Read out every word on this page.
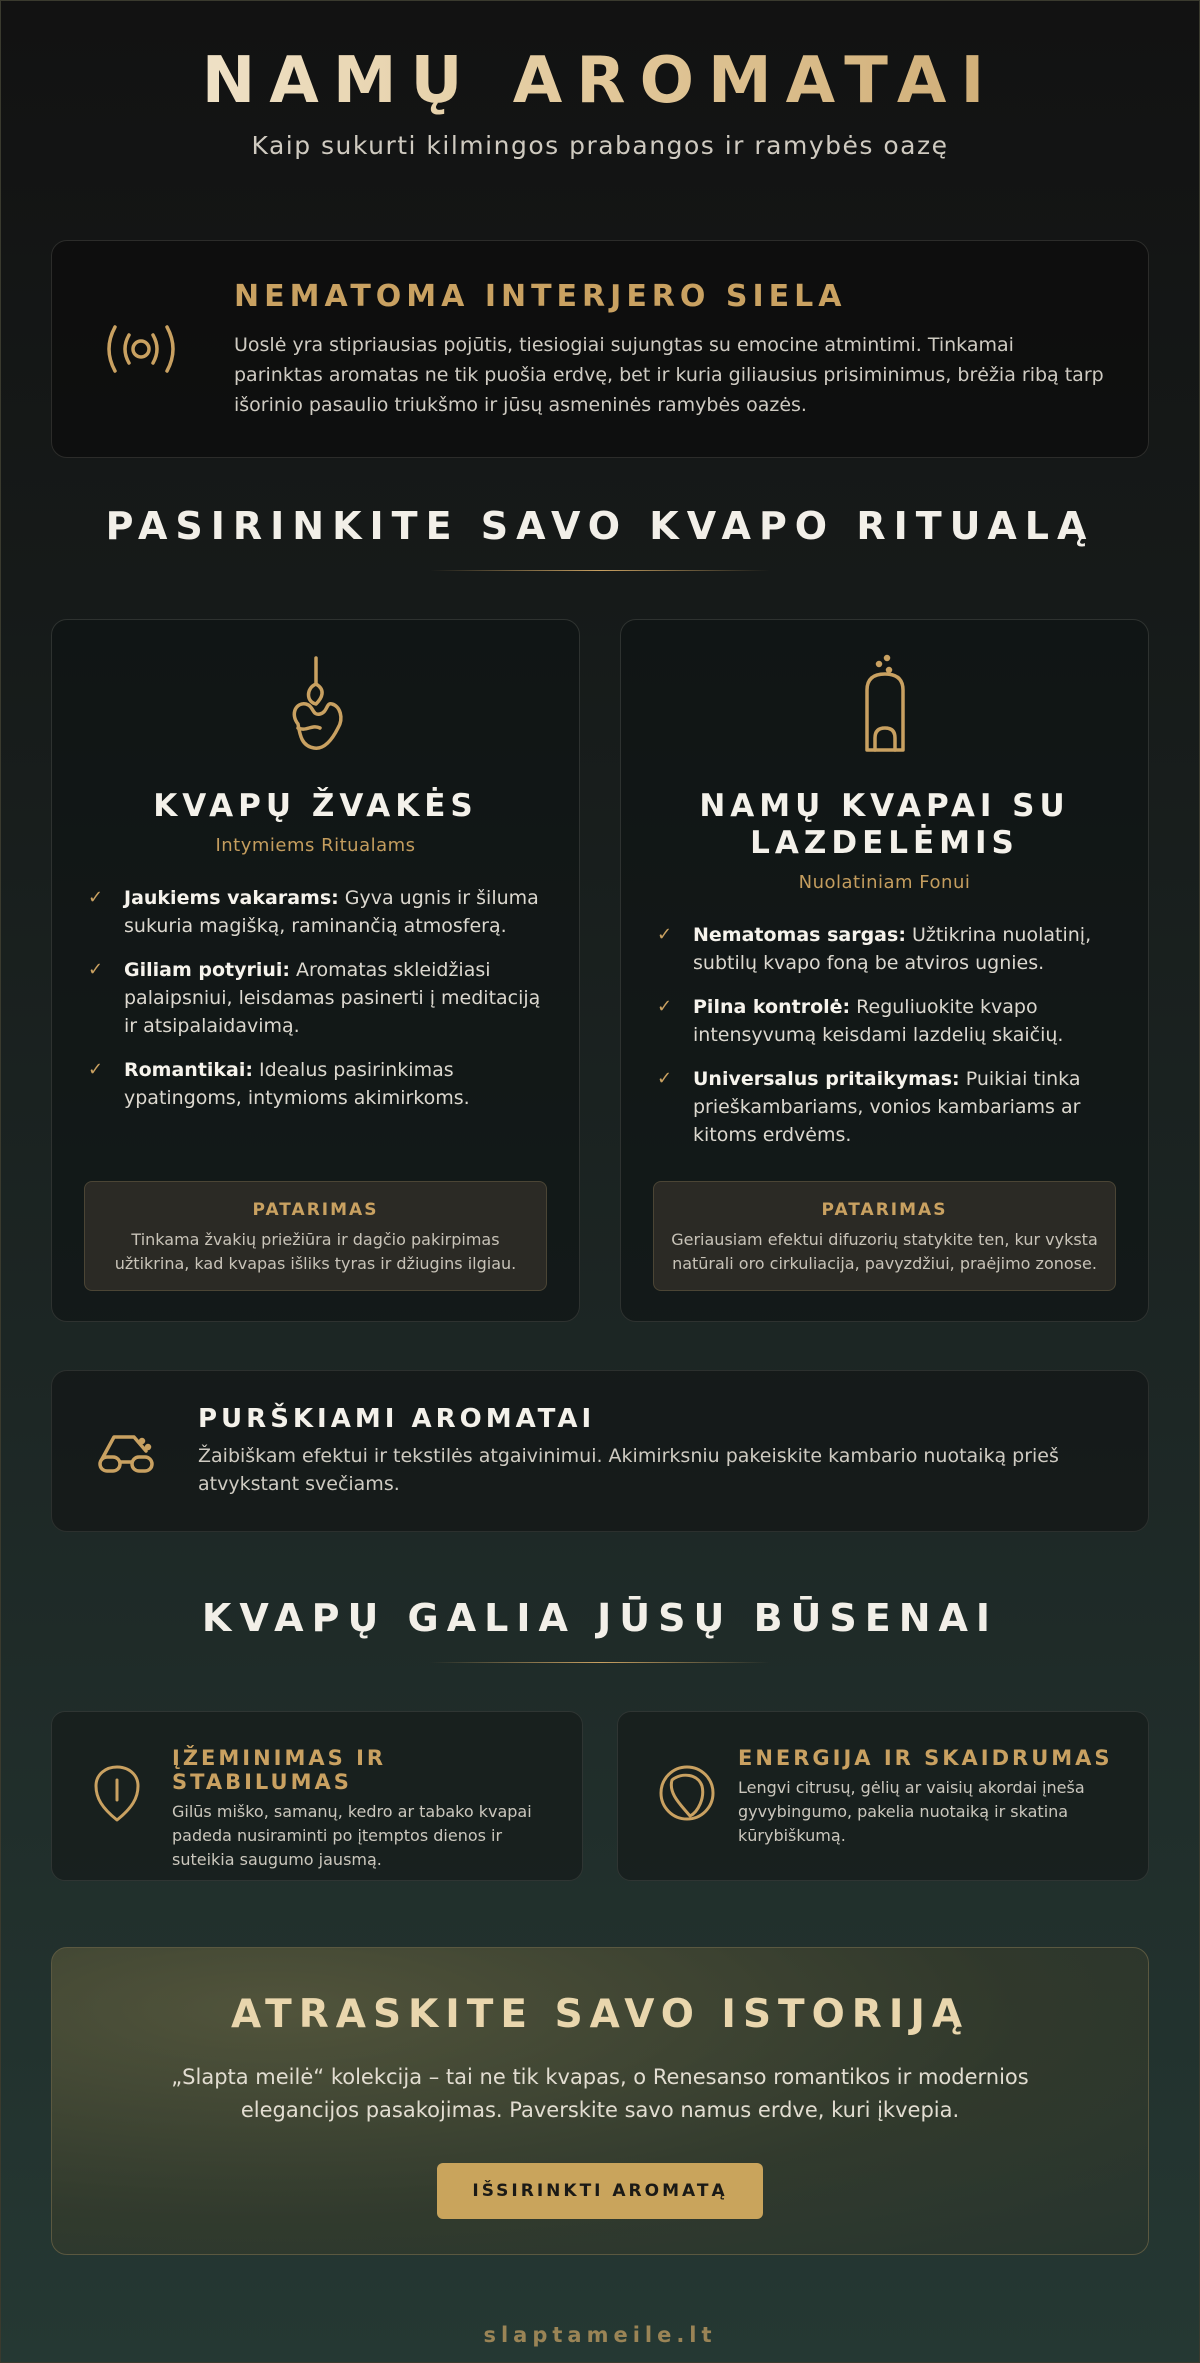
NAMŲ AROMATAI
Kaip sukurti kilmingos prabangos ir ramybės oazę
NEMATOMA INTERJERO SIELA

Uoslė yra stipriausias pojūtis, tiesiogiai sujungtas su emocine atmintimi. Tinkamai parinktas aromatas ne tik puošia erdvę, bet ir kuria giliausius prisiminimus, brėžia ribą tarp išorinio pasaulio triukšmo ir jūsų asmeninės ramybės oazės.

PASIRINKITE SAVO KVAPO RITUALĄ
KVAPŲ ŽVAKĖS
Intymiems Ritualams
✓ Jaukiems vakarams: Gyva ugnis ir šiluma sukuria magišką, raminančią atmosferą.
✓ Giliam potyriui: Aromatas skleidžiasi palaipsniui, leisdamas pasinerti į meditaciją ir atsipalaidavimą.
✓ Romantikai: Idealus pasirinkimas ypatingoms, intymioms akimirkoms.
PATARIMAS
Tinkama žvakių priežiūra ir dagčio pakirpimas užtikrina, kad kvapas išliks tyras ir džiugins ilgiau.
NAMŲ KVAPAI SU LAZDELĖMIS
Nuolatiniam Fonui
✓ Nematomas sargas: Užtikrina nuolatinį, subtilų kvapo foną be atviros ugnies.
✓ Pilna kontrolė: Reguliuokite kvapo intensyvumą keisdami lazdelių skaičių.
✓ Universalus pritaikymas: Puikiai tinka prieškambariams, vonios kambariams ar kitoms erdvėms.
PATARIMAS
Geriausiam efektui difuzorių statykite ten, kur vyksta natūrali oro cirkuliacija, pavyzdžiui, praėjimo zonose.
PURŠKIAMI AROMATAI

Žaibiškam efektui ir tekstilės atgaivinimui. Akimirksniu pakeiskite kambario nuotaiką prieš atvykstant svečiams.

KVAPŲ GALIA JŪSŲ BŪSENAI
ĮŽEMINIMAS IR STABILUMAS

Gilūs miško, samanų, kedro ar tabako kvapai padeda nusiraminti po įtemptos dienos ir suteikia saugumo jausmą.

ENERGIJA IR SKAIDRUMAS

Lengvi citrusų, gėlių ar vaisių akordai įneša gyvybingumo, pakelia nuotaiką ir skatina kūrybiškumą.

ATRASKITE SAVO ISTORIJĄ

„Slapta meilė“ kolekcija – tai ne tik kvapas, o Renesanso romantikos ir modernios elegancijos pasakojimas. Paverskite savo namus erdve, kuri įkvepia.

IŠSIRINKTI AROMATĄ
slaptameile.lt
